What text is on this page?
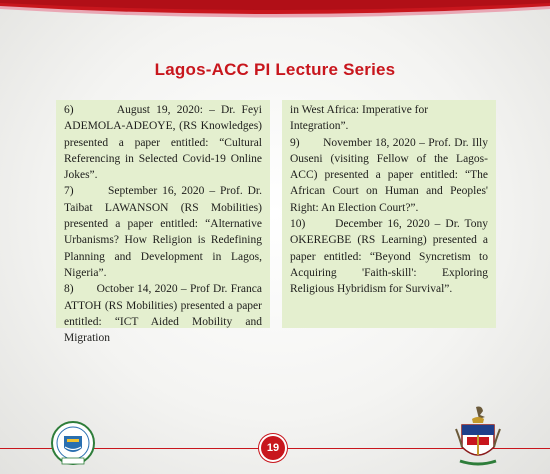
Lagos-ACC PI Lecture Series

6)       August 19, 2020: – Dr. Feyi ADEMOLA-ADEOYE, (RS Knowledges) presented a paper entitled: “Cultural Referencing in Selected Covid-19 Online Jokes”.

7)       September 16, 2020 – Prof. Dr. Taibat LAWANSON (RS Mobilities) presented a paper entitled: “Alternative Urbanisms? How Religion is Redefining Planning and Development in Lagos, Nigeria”.

8)       October 14, 2020 – Prof Dr. Franca ATTOH (RS Mobilities) presented a paper entitled: “ICT Aided Mobility and Migration

in West Africa: Imperative for Integration”.

9)       November 18, 2020 – Prof. Dr. Illy Ouseni (visiting Fellow of the Lagos-ACC) presented a paper entitled: “The African Court on Human and Peoples' Right: An Election Court?”.

10)      December 16, 2020 – Dr. Tony OKEREGBE (RS Learning) presented a paper entitled: “Beyond Syncretism to Acquiring 'Faith-skill': Exploring Religious Hybridism for Survival”.

19
